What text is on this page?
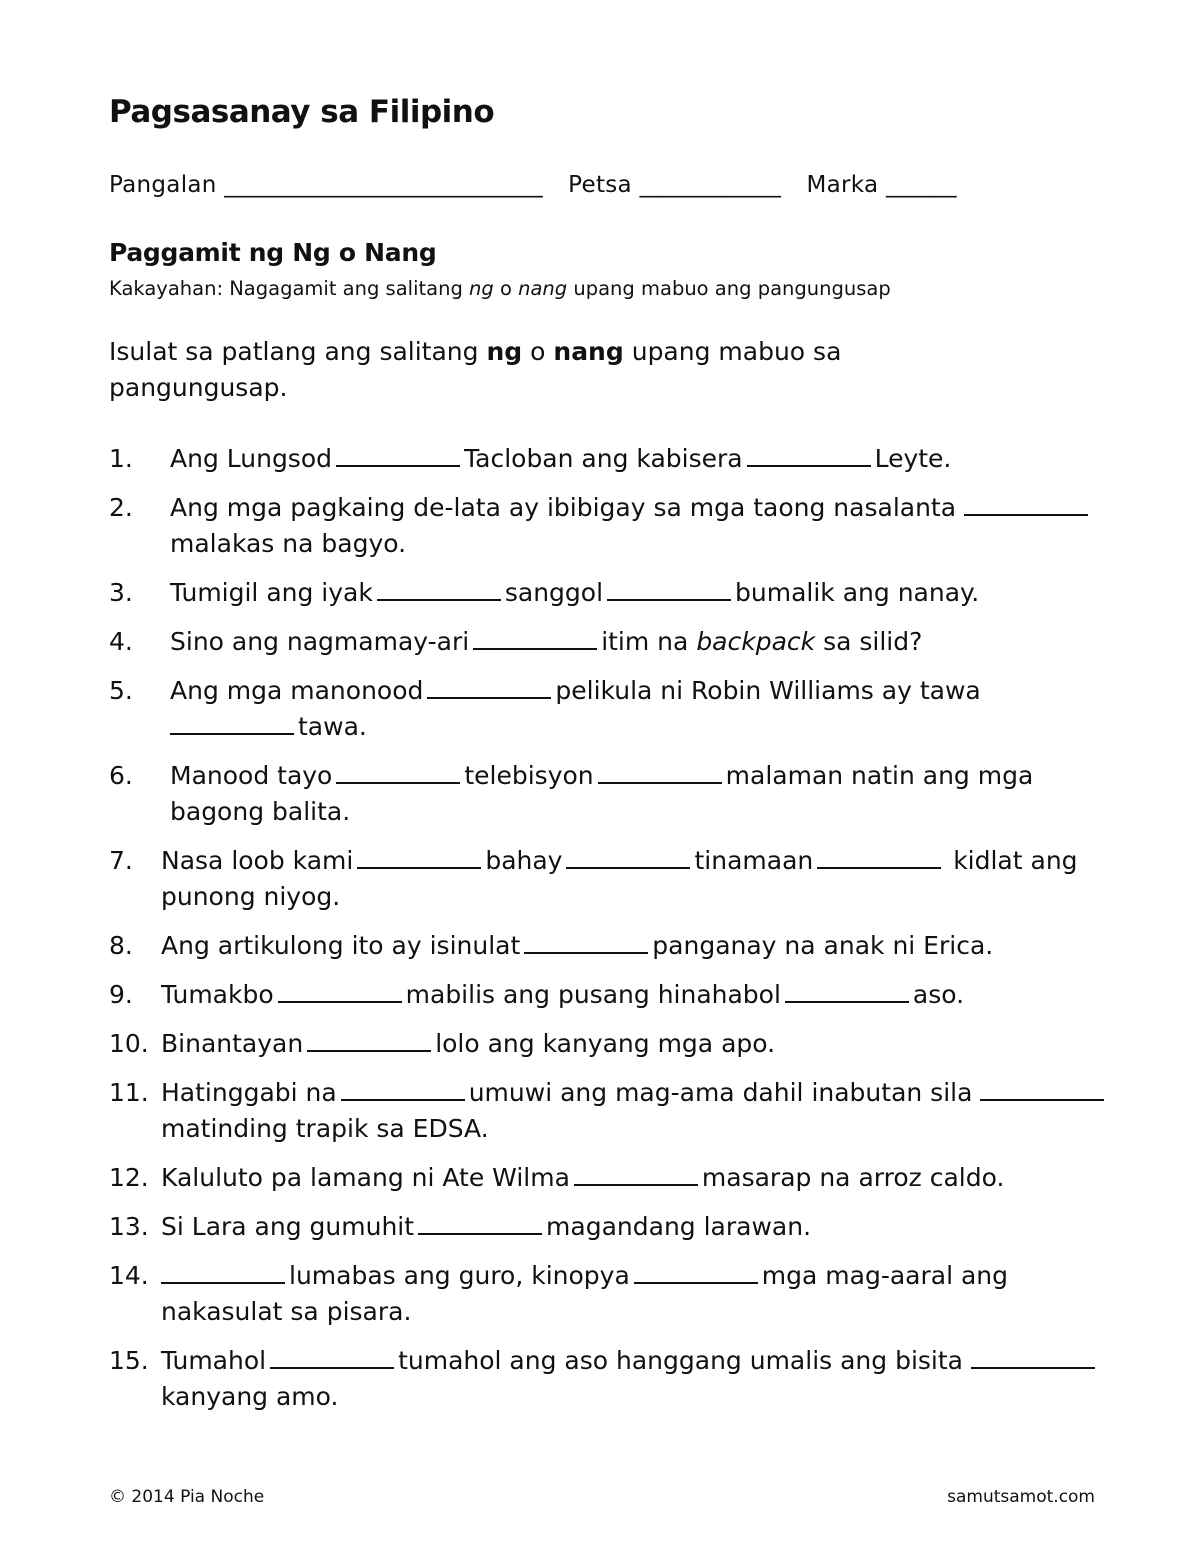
Pagsasanay sa Filipino
Pangalan ___________________________ Petsa ____________ Marka ______
Paggamit ng Ng o Nang
Kakayahan: Nagagamit ang salitang ng o nang upang mabuo ang pangungusap
Isulat sa patlang ang salitang ng o nang upang mabuo sa pangungusap.
1. Ang Lungsod	Tacloban ang kabisera	Leyte.
2. Ang mga pagkaing de-lata ay ibibigay sa mga taong nasalanta malakas na bagyo.
3. Tumigil ang iyak	sanggol	bumalik ang nanay.
4. Sino ang nagmamay-ari	itim na backpack sa silid?
5. Ang mga manonood	pelikula ni Robin Williams ay tawa tawa.
6. Manood tayo	telebisyon	malaman natin ang mga bagong balita.
7. Nasa loob kami	bahay	tinamaan	kidlat ang punong niyog.
8. Ang artikulong ito ay isinulat	panganay na anak ni Erica.
9. Tumakbo	mabilis ang pusang hinahabol	aso.
10. Binantayan	lolo ang kanyang mga apo.
11. Hatinggabi na	umuwi ang mag-ama dahil inabutan sila matinding trapik sa EDSA.
12. Kaluluto pa lamang ni Ate Wilma	masarap na arroz caldo.
13. Si Lara ang gumuhit	magandang larawan.
14.	lumabas ang guro, kinopya	mga mag-aaral ang nakasulat sa pisara.
15. Tumahol	tumahol ang aso hanggang umalis ang bisita kanyang amo.
© 2014 Pia Noche	samutsamot.com
